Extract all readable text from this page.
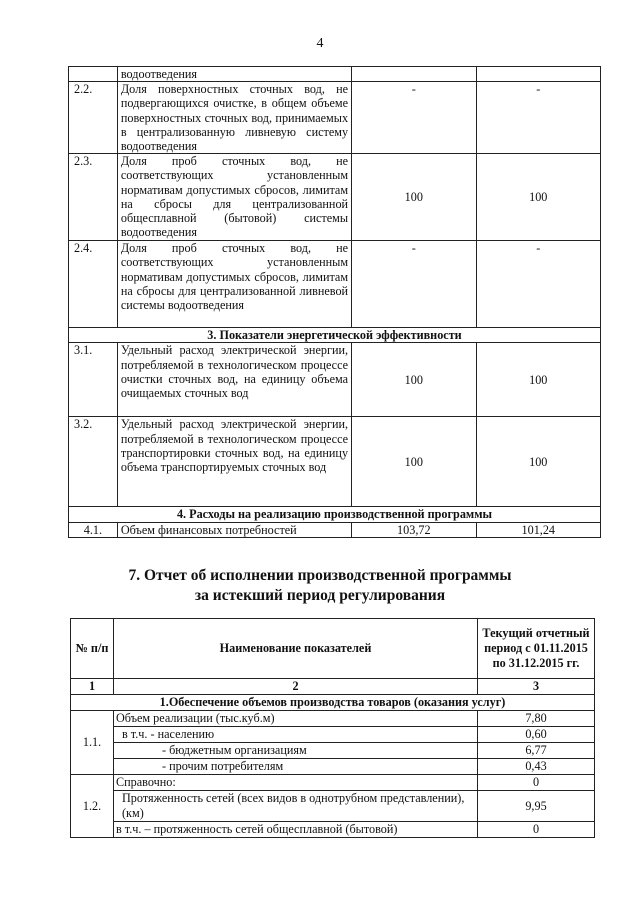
4
	водоотведения		
2.2.	Доля поверхностных сточных вод, не подвергающихся очистке, в общем объеме поверхностных сточных вод, принимаемых в централизованную ливневую систему водоотведения	-	-
2.3.	Доля проб сточных вод, не соответствующих установленным нормативам допустимых сбросов, лимитам на сбросы для централизованной общесплавной (бытовой) системы водоотведения	100	100
2.4.	Доля проб сточных вод, не соответствующих установленным нормативам допустимых сбросов, лимитам на сбросы для централизованной ливневой системы водоотведения	-	-
3. Показатели энергетической эффективности			
3.1.	Удельный расход электрической энергии, потребляемой в технологическом процессе очистки сточных вод, на единицу объема очищаемых сточных вод	100	100
3.2.	Удельный расход электрической энергии, потребляемой в технологическом процессе транспортировки сточных вод, на единицу объема транспортируемых сточных вод	100	100
4. Расходы на реализацию производственной программы			
4.1.	Объем финансовых потребностей	103,72	101,24
7. Отчет об исполнении производственной программы
за истекший период регулирования
№ п/п	Наименование показателей	Текущий отчетный период с 01.11.2015 по 31.12.2015 гг.
1	2	3
1.Обеспечение объемов производства товаров (оказания услуг)		
1.1.	Объем реализации (тыс.куб.м)	7,80
	в т.ч. - населению	0,60
	- бюджетным организациям	6,77
	- прочим потребителям	0,43
1.2.	Справочно:	0
	Протяженность сетей (всех видов в однотрубном представлении), (км)	9,95
	в т.ч. – протяженность сетей общесплавной (бытовой)	0
